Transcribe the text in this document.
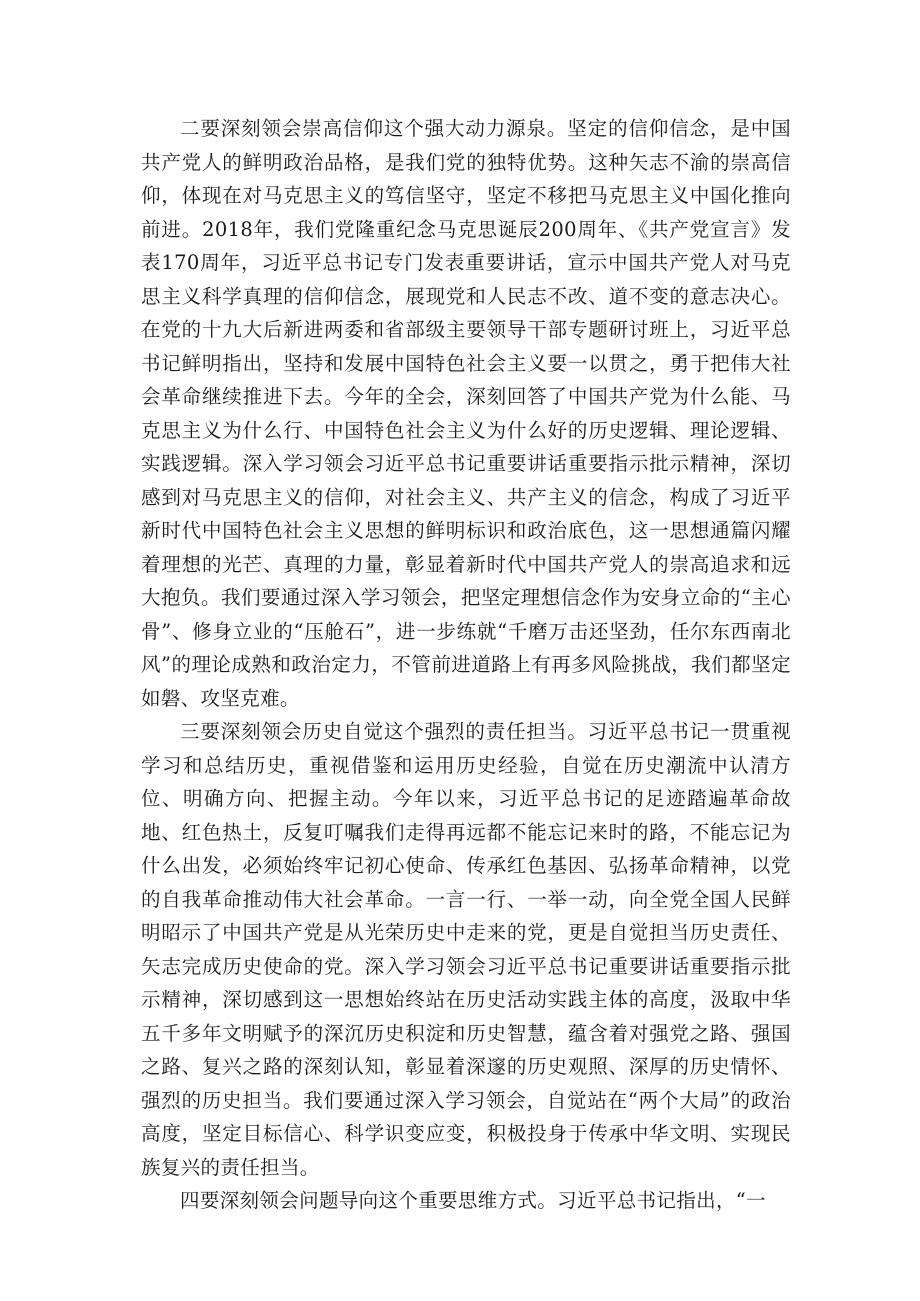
二要深刻领会崇高信仰这个强大动力源泉。坚定的信仰信念，是中国共产党人的鲜明政治品格，是我们党的独特优势。这种矢志不渝的崇高信仰，体现在对马克思主义的笃信坚守，坚定不移把马克思主义中国化推向前进。2018年，我们党隆重纪念马克思诞辰200周年、《共产党宣言》发表170周年，习近平总书记专门发表重要讲话，宣示中国共产党人对马克思主义科学真理的信仰信念，展现党和人民志不改、道不变的意志决心。在党的十九大后新进两委和省部级主要领导干部专题研讨班上，习近平总书记鲜明指出，坚持和发展中国特色社会主义要一以贯之，勇于把伟大社会革命继续推进下去。今年的全会，深刻回答了中国共产党为什么能、马克思主义为什么行、中国特色社会主义为什么好的历史逻辑、理论逻辑、实践逻辑。深入学习领会习近平总书记重要讲话重要指示批示精神，深切感到对马克思主义的信仰，对社会主义、共产主义的信念，构成了习近平新时代中国特色社会主义思想的鲜明标识和政治底色，这一思想通篇闪耀着理想的光芒、真理的力量，彰显着新时代中国共产党人的崇高追求和远大抱负。我们要通过深入学习领会，把坚定理想信念作为安身立命的“主心骨”、修身立业的“压舱石”，进一步练就“千磨万击还坚劲，任尔东西南北风”的理论成熟和政治定力，不管前进道路上有再多风险挑战，我们都坚定如磐、攻坚克难。

三要深刻领会历史自觉这个强烈的责任担当。习近平总书记一贯重视学习和总结历史，重视借鉴和运用历史经验，自觉在历史潮流中认清方位、明确方向、把握主动。今年以来，习近平总书记的足迹踏遍革命故地、红色热土，反复叮嘱我们走得再远都不能忘记来时的路，不能忘记为什么出发，必须始终牢记初心使命、传承红色基因、弘扬革命精神，以党的自我革命推动伟大社会革命。一言一行、一举一动，向全党全国人民鲜明昭示了中国共产党是从光荣历史中走来的党，更是自觉担当历史责任、矢志完成历史使命的党。深入学习领会习近平总书记重要讲话重要指示批示精神，深切感到这一思想始终站在历史活动实践主体的高度，汲取中华五千多年文明赋予的深沉历史积淀和历史智慧，蕴含着对强党之路、强国之路、复兴之路的深刻认知，彰显着深邃的历史观照、深厚的历史情怀、强烈的历史担当。我们要通过深入学习领会，自觉站在“两个大局”的政治高度，坚定目标信心、科学识变应变，积极投身于传承中华文明、实现民族复兴的责任担当。

四要深刻领会问题导向这个重要思维方式。习近平总书记指出，“一
